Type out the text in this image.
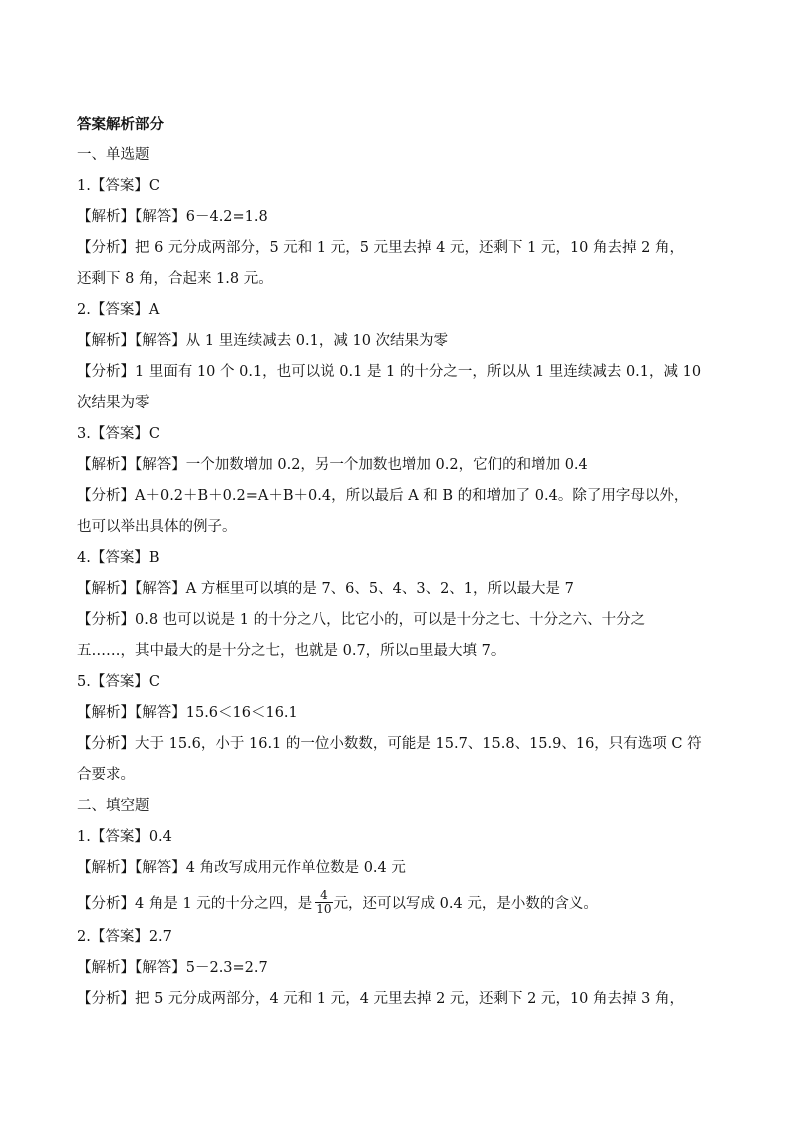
答案解析部分
一、单选题
1.【答案】C
【解析】【解答】6－4.2=1.8
【分析】把 6 元分成两部分，5 元和 1 元，5 元里去掉 4 元，还剩下 1 元，10 角去掉 2 角，
还剩下 8 角，合起来 1.8 元。
2.【答案】A
【解析】【解答】从 1 里连续减去 0.1，减 10 次结果为零
【分析】1 里面有 10 个 0.1，也可以说 0.1 是 1 的十分之一，所以从 1 里连续减去 0.1，减 10
次结果为零
3.【答案】C
【解析】【解答】一个加数增加 0.2，另一个加数也增加 0.2，它们的和增加 0.4
【分析】A＋0.2＋B＋0.2=A＋B＋0.4，所以最后 A 和 B 的和增加了 0.4。除了用字母以外，
也可以举出具体的例子。
4.【答案】B
【解析】【解答】A 方框里可以填的是 7、6、5、4、3、2、1，所以最大是 7
【分析】0.8 也可以说是 1 的十分之八，比它小的，可以是十分之七、十分之六、十分之
五……，其中最大的是十分之七，也就是 0.7，所以▫里最大填 7。
5.【答案】C
【解析】【解答】15.6＜16＜16.1
【分析】大于 15.6，小于 16.1 的一位小数数，可能是 15.7、15.8、15.9、16，只有选项 C 符
合要求。
二、填空题
1.【答案】0.4
【解析】【解答】4 角改写成用元作单位数是 0.4 元
【分析】4 角是 1 元的十分之四，是 $\frac{4}{10}$ 元，还可以写成 0.4 元，是小数的含义。
2.【答案】2.7
【解析】【解答】5－2.3=2.7
【分析】把 5 元分成两部分，4 元和 1 元，4 元里去掉 2 元，还剩下 2 元，10 角去掉 3 角，
